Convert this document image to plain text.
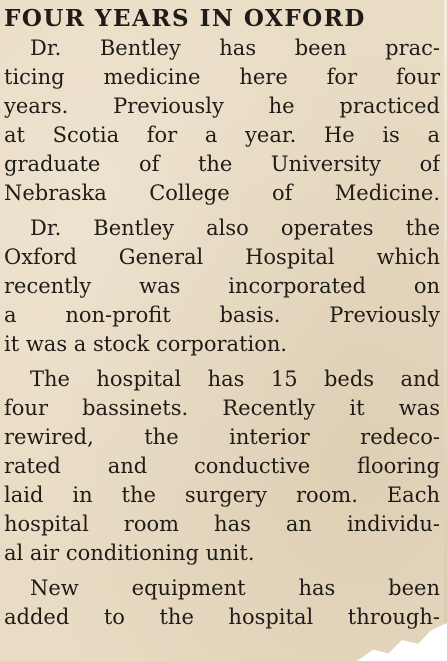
FOUR YEARS IN OXFORD
Dr. Bentley has been prac-
ticing medicine here for four
years. Previously he practiced
at Scotia for a year. He is a
graduate of the University of
Nebraska College of Medicine.
Dr. Bentley also operates the
Oxford General Hospital which
recently was incorporated on
a non-profit basis. Previously
it was a stock corporation.
The hospital has 15 beds and
four bassinets. Recently it was
rewired, the interior redeco-
rated and conductive flooring
laid in the surgery room. Each
hospital room has an individu-
al air conditioning unit.
New equipment has been
added to the hospital through-
